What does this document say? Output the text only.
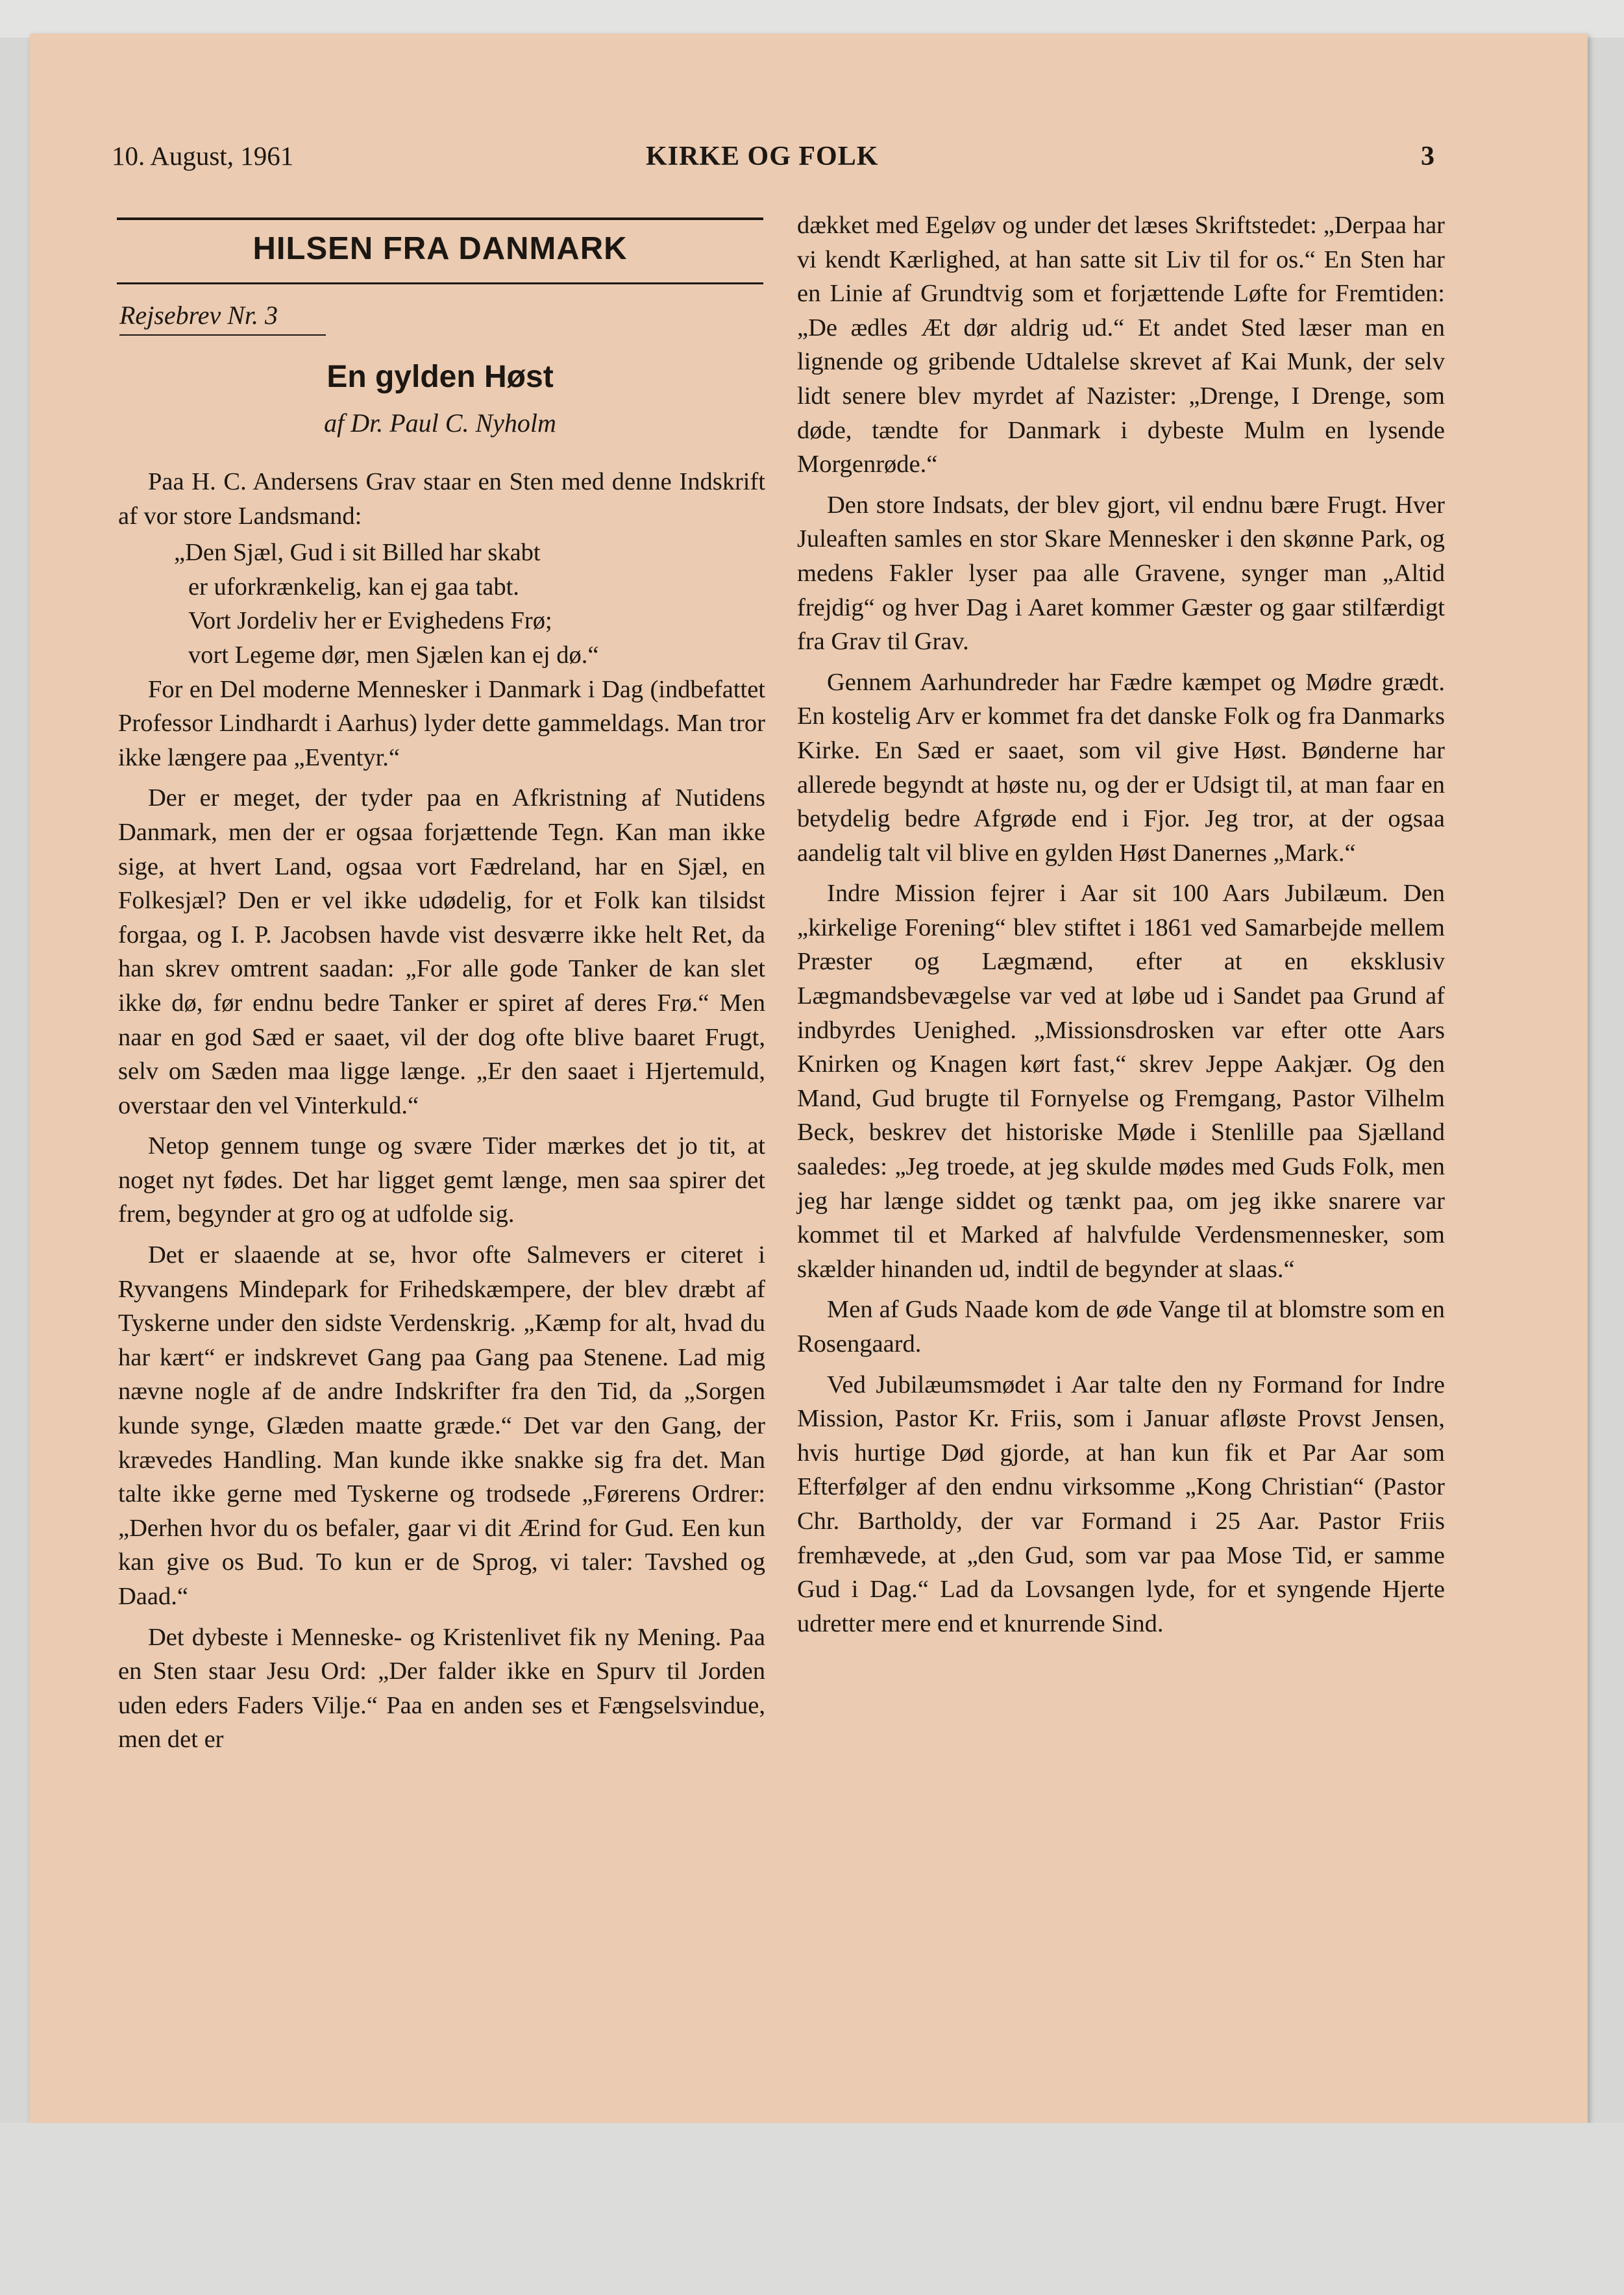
10. August, 1961	KIRKE OG FOLK	3
HILSEN FRA DANMARK
Rejsebrev Nr. 3
En gylden Høst
af Dr. Paul C. Nyholm

Paa H. C. Andersens Grav staar en Sten med denne Indskrift af vor store Landsmand:

„Den Sjæl, Gud i sit Billed har skabt
er uforkrænkelig, kan ej gaa tabt.
Vort Jordeliv her er Evighedens Frø;
vort Legeme dør, men Sjælen kan ej dø.“

For en Del moderne Mennesker i Danmark i Dag (indbefattet Professor Lindhardt i Aarhus) lyder dette gammeldags. Man tror ikke længere paa „Eventyr.“

Der er meget, der tyder paa en Afkristning af Nutidens Danmark, men der er ogsaa forjættende Tegn. Kan man ikke sige, at hvert Land, ogsaa vort Fædreland, har en Sjæl, en Folkesjæl? Den er vel ikke udødelig, for et Folk kan tilsidst forgaa, og I. P. Jacobsen havde vist desværre ikke helt Ret, da han skrev omtrent saadan: „For alle gode Tanker de kan slet ikke dø, før endnu bedre Tanker er spiret af deres Frø.“ Men naar en god Sæd er saaet, vil der dog ofte blive baaret Frugt, selv om Sæden maa ligge længe. „Er den saaet i Hjertemuld, overstaar den vel Vinterkuld.“

Netop gennem tunge og svære Tider mærkes det jo tit, at noget nyt fødes. Det har ligget gemt længe, men saa spirer det frem, begynder at gro og at udfolde sig.

Det er slaaende at se, hvor ofte Salmevers er citeret i Ryvangens Mindepark for Frihedskæmpere, der blev dræbt af Tyskerne under den sidste Verdenskrig. „Kæmp for alt, hvad du har kært“ er indskrevet Gang paa Gang paa Stenene. Lad mig nævne nogle af de andre Indskrifter fra den Tid, da „Sorgen kunde synge, Glæden maatte græde.“ Det var den Gang, der krævedes Handling. Man kunde ikke snakke sig fra det. Man talte ikke gerne med Tyskerne og trodsede „Førerens Ordrer: „Derhen hvor du os befaler, gaar vi dit Ærind for Gud. Een kun kan give os Bud. To kun er de Sprog, vi taler: Tavshed og Daad.“

Det dybeste i Menneske- og Kristenlivet fik ny Mening. Paa en Sten staar Jesu Ord: „Der falder ikke en Spurv til Jorden uden eders Faders Vilje.“ Paa en anden ses et Fængselsvindue, men det er

dækket med Egeløv og under det læses Skriftstedet: „Derpaa har vi kendt Kærlighed, at han satte sit Liv til for os.“ En Sten har en Linie af Grundtvig som et forjættende Løfte for Fremtiden: „De ædles Æt dør aldrig ud.“ Et andet Sted læser man en lignende og gribende Udtalelse skrevet af Kai Munk, der selv lidt senere blev myrdet af Nazister: „Drenge, I Drenge, som døde, tændte for Danmark i dybeste Mulm en lysende Morgenrøde.“

Den store Indsats, der blev gjort, vil endnu bære Frugt. Hver Juleaften samles en stor Skare Mennesker i den skønne Park, og medens Fakler lyser paa alle Gravene, synger man „Altid frejdig“ og hver Dag i Aaret kommer Gæster og gaar stilfærdigt fra Grav til Grav.

Gennem Aarhundreder har Fædre kæmpet og Mødre grædt. En kostelig Arv er kommet fra det danske Folk og fra Danmarks Kirke. En Sæd er saaet, som vil give Høst. Bønderne har allerede begyndt at høste nu, og der er Udsigt til, at man faar en betydelig bedre Afgrøde end i Fjor. Jeg tror, at der ogsaa aandelig talt vil blive en gylden Høst Danernes „Mark.“

Indre Mission fejrer i Aar sit 100 Aars Jubilæum. Den „kirkelige Forening“ blev stiftet i 1861 ved Samarbejde mellem Præster og Lægmænd, efter at en eksklusiv Lægmandsbevægelse var ved at løbe ud i Sandet paa Grund af indbyrdes Uenighed. „Missionsdrosken var efter otte Aars Knirken og Knagen kørt fast,“ skrev Jeppe Aakjær. Og den Mand, Gud brugte til Fornyelse og Fremgang, Pastor Vilhelm Beck, beskrev det historiske Møde i Stenlille paa Sjælland saaledes: „Jeg troede, at jeg skulde mødes med Guds Folk, men jeg har længe siddet og tænkt paa, om jeg ikke snarere var kommet til et Marked af halvfulde Verdensmennesker, som skælder hinanden ud, indtil de begynder at slaas.“

Men af Guds Naade kom de øde Vange til at blomstre som en Rosengaard.

Ved Jubilæumsmødet i Aar talte den ny Formand for Indre Mission, Pastor Kr. Friis, som i Januar afløste Provst Jensen, hvis hurtige Død gjorde, at han kun fik et Par Aar som Efterfølger af den endnu virksomme „Kong Christian“ (Pastor Chr. Bartholdy, der var Formand i 25 Aar. Pastor Friis fremhævede, at „den Gud, som var paa Mose Tid, er samme Gud i Dag.“ Lad da Lovsangen lyde, for et syngende Hjerte udretter mere end et knurrende Sind.
